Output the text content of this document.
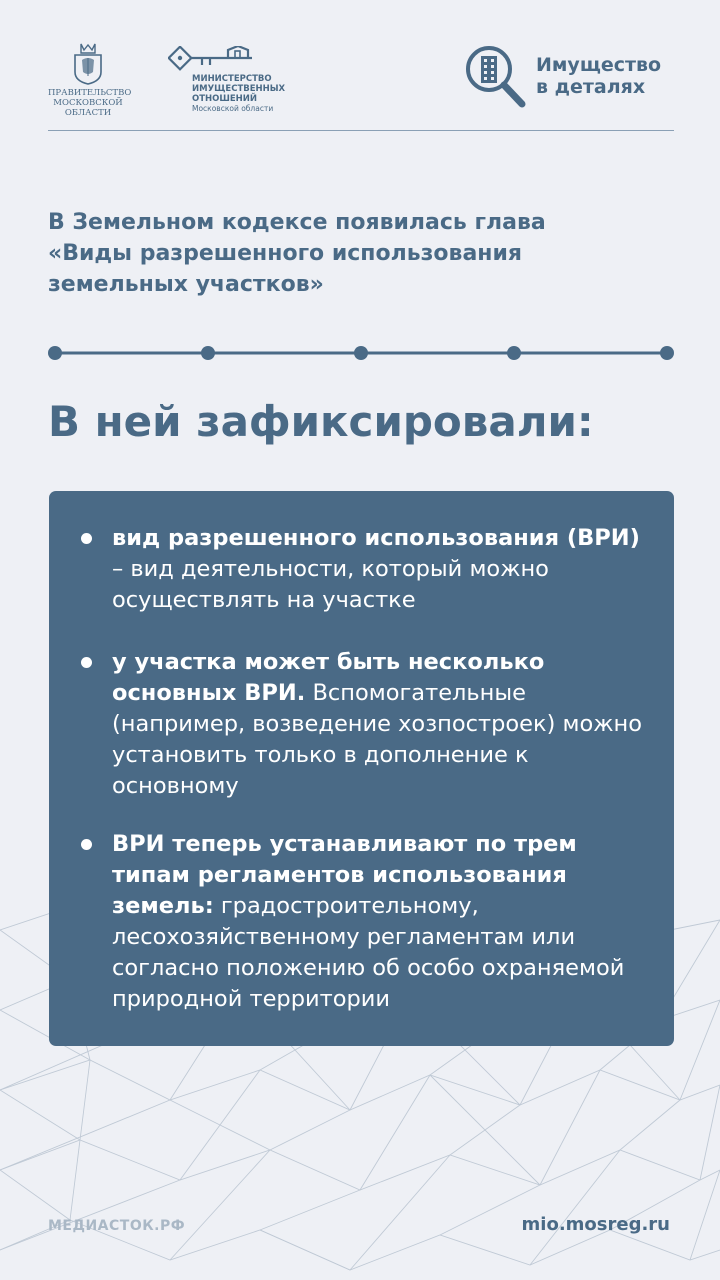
ПРАВИТЕЛЬСТВО
МОСКОВСКОЙ
ОБЛАСТИ
МИНИСТЕРСТВО
ИМУЩЕСТВЕННЫХ
ОТНОШЕНИЙ
Московской области
Имущество
в деталях
В Земельном кодексе появилась глава
«Виды разрешенного использования
земельных участков»
В ней зафиксировали:
вид разрешенного использования (ВРИ) – вид деятельности, который можно осуществлять на участке
у участка может быть несколько основных ВРИ. Вспомогательные (например, возведение хозпостроек) можно установить только в дополнение к основному
ВРИ теперь устанавливают по трем типам регламентов использования земель: градостроительному, лесохозяйственному регламентам или согласно положению об особо охраняемой природной территории
МЕДИАСТОК.РФ	mio.mosreg.ru
